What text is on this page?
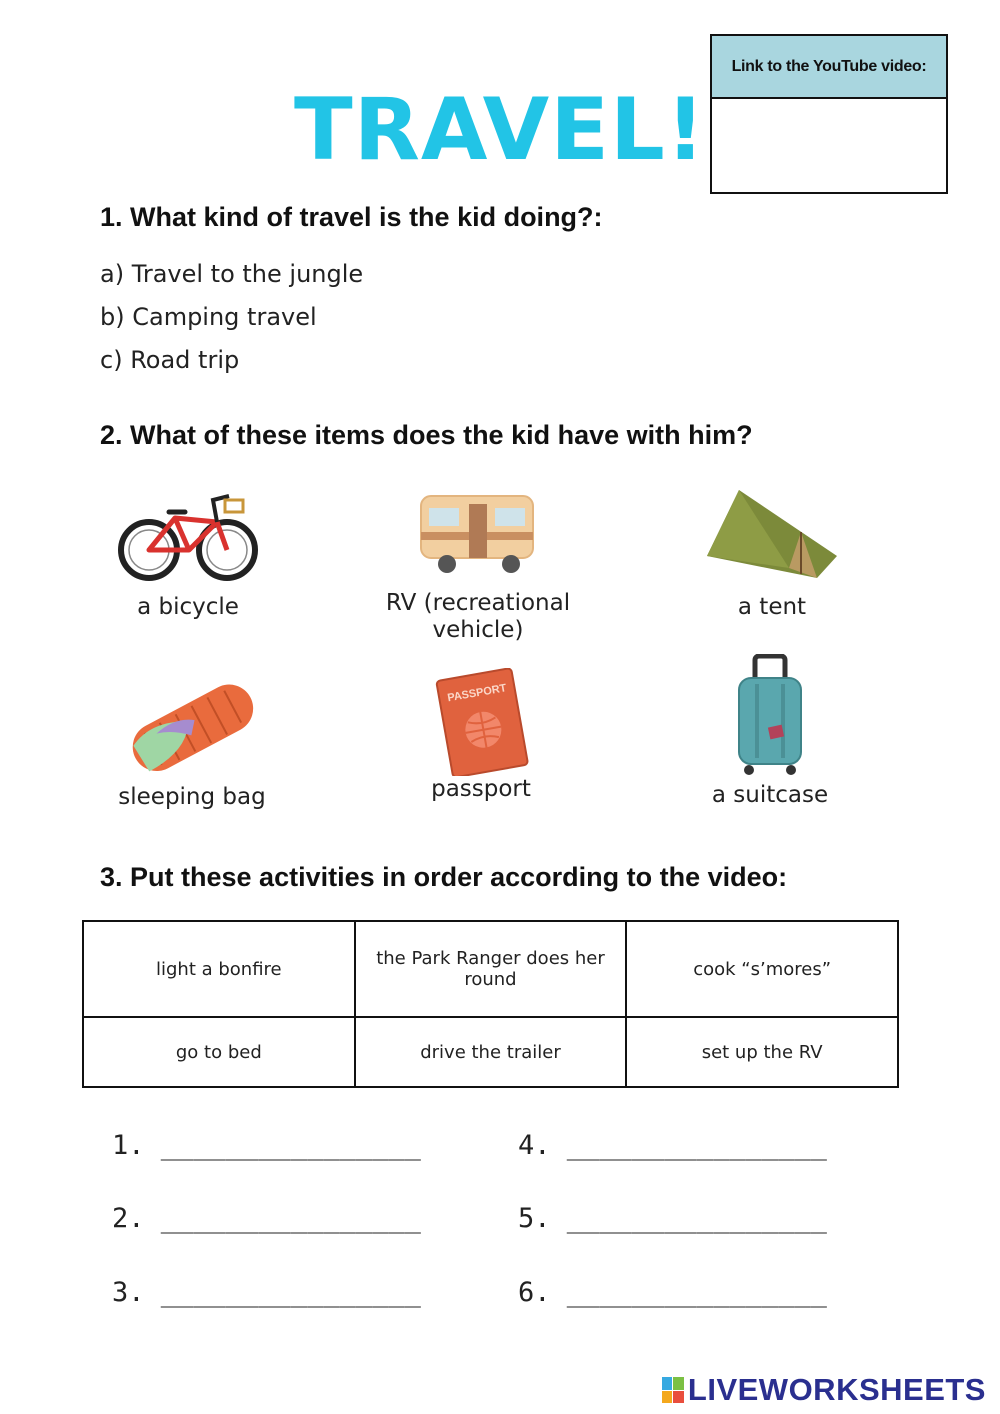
TRAVEL!
Link to the YouTube video:
1. What kind of travel is the kid doing?:
a) Travel to the jungle
b) Camping travel
c) Road trip
2. What of these items does the kid have with him?
a bicycle	RV (recreational vehicle)
a tent
sleeping bag
PASSPORT
passport	a suitcase
3. Put these activities in order according to the video:
light a bonfire	the Park Ranger does her round	cook “s’mores”
go to bed	drive the trailer	set up the RV
1. ________________
2. ________________
3. ________________
4. ________________
5. ________________
6. ________________
LIVEWORKSHEETS
